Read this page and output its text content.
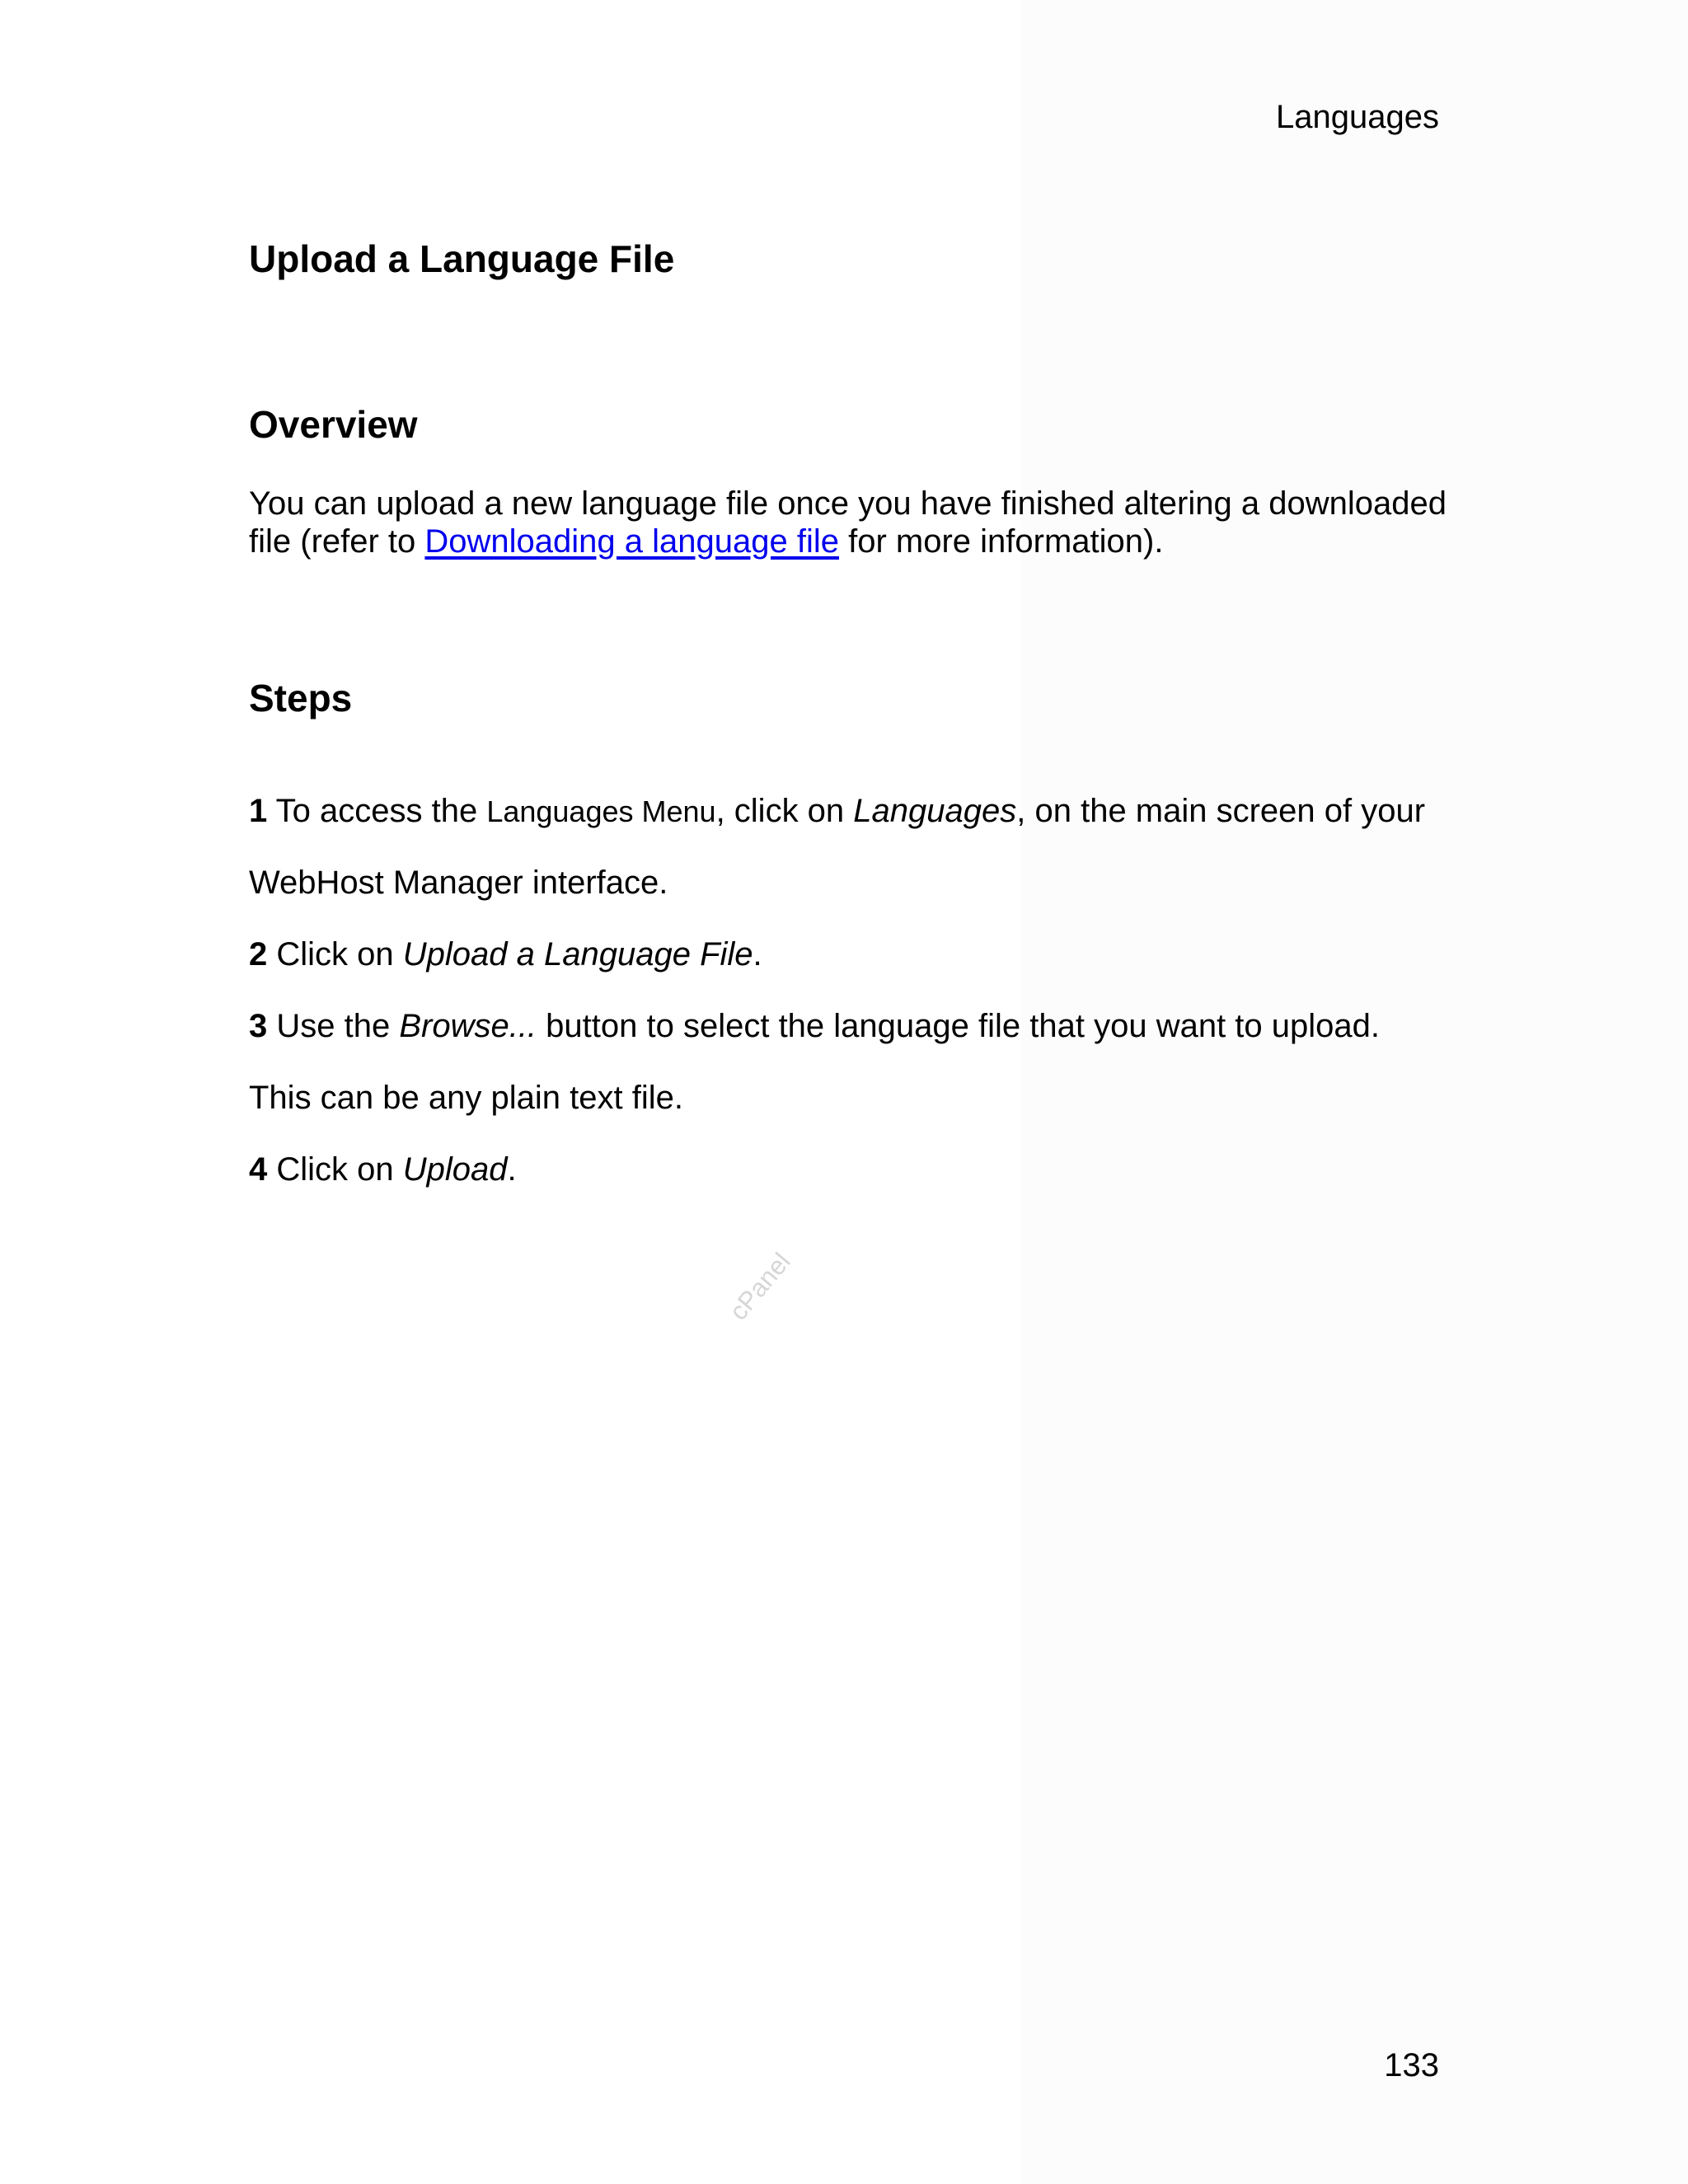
Languages
Upload a Language File
Overview

You can upload a new language file once you have finished altering a downloaded file (refer to Downloading a language file for more information).

Steps

1 To access the Languages Menu, click on Languages, on the main screen of your

WebHost Manager interface.

2 Click on Upload a Language File.

3 Use the Browse... button to select the language file that you want to upload.

This can be any plain text file.

4 Click on Upload.

cPanel
133
